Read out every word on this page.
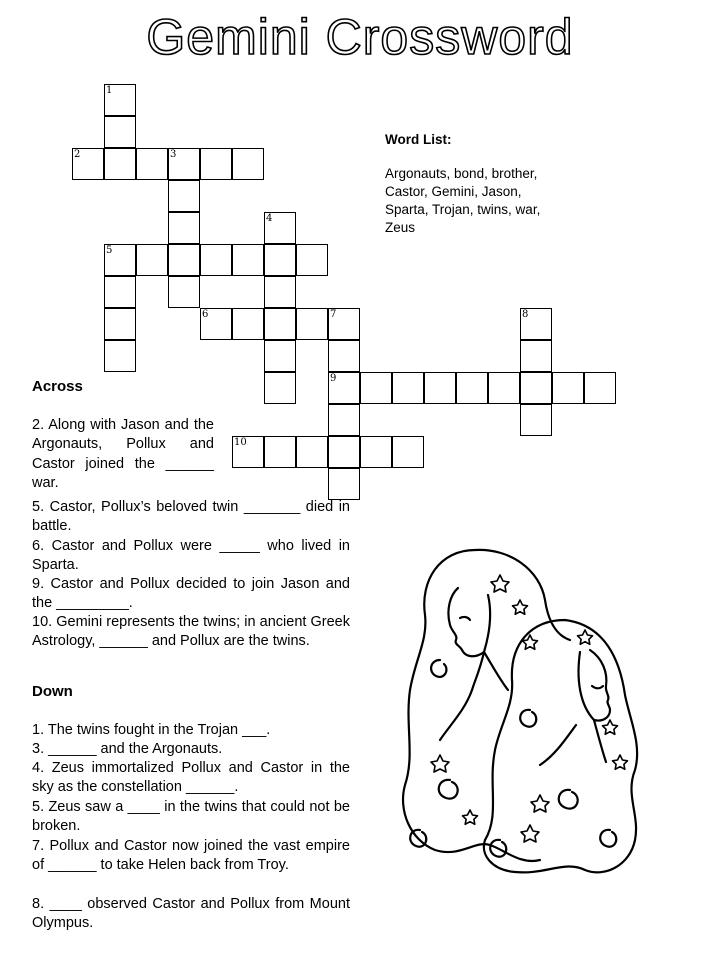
Gemini Crossword
1
2	3
4
5
6	7	8
9
10
Word List:
Argonauts, bond, brother, Castor, Gemini, Jason, Sparta, Trojan, twins, war, Zeus
Across
2. Along with Jason and the Argonauts, Pollux and Castor joined the ______ war.
5. Castor, Pollux’s beloved twin _______ died in battle.
6. Castor and Pollux were _____ who lived in Sparta.
9. Castor and Pollux decided to join Jason and the _________.
10. Gemini represents the twins; in ancient Greek Astrology, ______ and Pollux are the twins.
Down
1. The twins fought in the Trojan ___.
3. ______ and the Argonauts.
4. Zeus immortalized Pollux and Castor in the sky as the constellation ______.
5. Zeus saw a ____ in the twins that could not be broken.
7. Pollux and Castor now joined the vast empire of ______ to take Helen back from Troy.
8. ____ observed Castor and Pollux from Mount Olympus.
